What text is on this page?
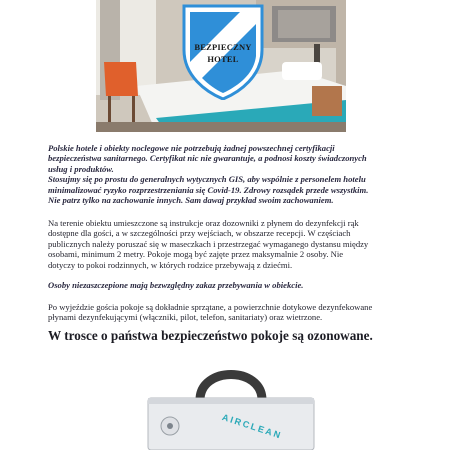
BEZPIECZNY
HOTEL
Polskie hotele i obiekty noclegowe nie potrzebują żadnej powszechnej certyfikacji
bezpieczeństwa sanitarnego. Certyfikat nic nie gwarantuje, a podnosi koszty świadczonych
usług i produktów.
Stosujmy się po prostu do generalnych wytycznych GIS, aby wspólnie z personelem hotelu
minimalizować ryzyko rozprzestrzeniania się Covid-19. Zdrowy rozsądek przede wszystkim.
Nie patrz tylko na zachowanie innych. Sam dawaj przykład swoim zachowaniem.
Na terenie obiektu umieszczone są instrukcje oraz dozowniki z płynem do dezynfekcji rąk
dostępne dla gości, a w szczególności przy wejściach, w obszarze recepcji. W częściach
publicznych należy poruszać się w maseczkach i przestrzegać wymaganego dystansu między
osobami, minimum 2 metry. Pokoje mogą być zajęte przez maksymalnie 2 osoby. Nie
dotyczy to pokoi rodzinnych, w których rodzice przebywają z dziećmi.
Osoby niezaszczepione mają bezwzględny zakaz przebywania w obiekcie.
Po wyjeździe gościa pokoje są dokładnie sprzątane, a powierzchnie dotykowe dezynfekowane
płynami dezynfekującymi (włączniki, pilot, telefon, sanitariaty) oraz wietrzone.
W trosce o państwa bezpieczeństwo pokoje są ozonowane.
AIRCLEAN
